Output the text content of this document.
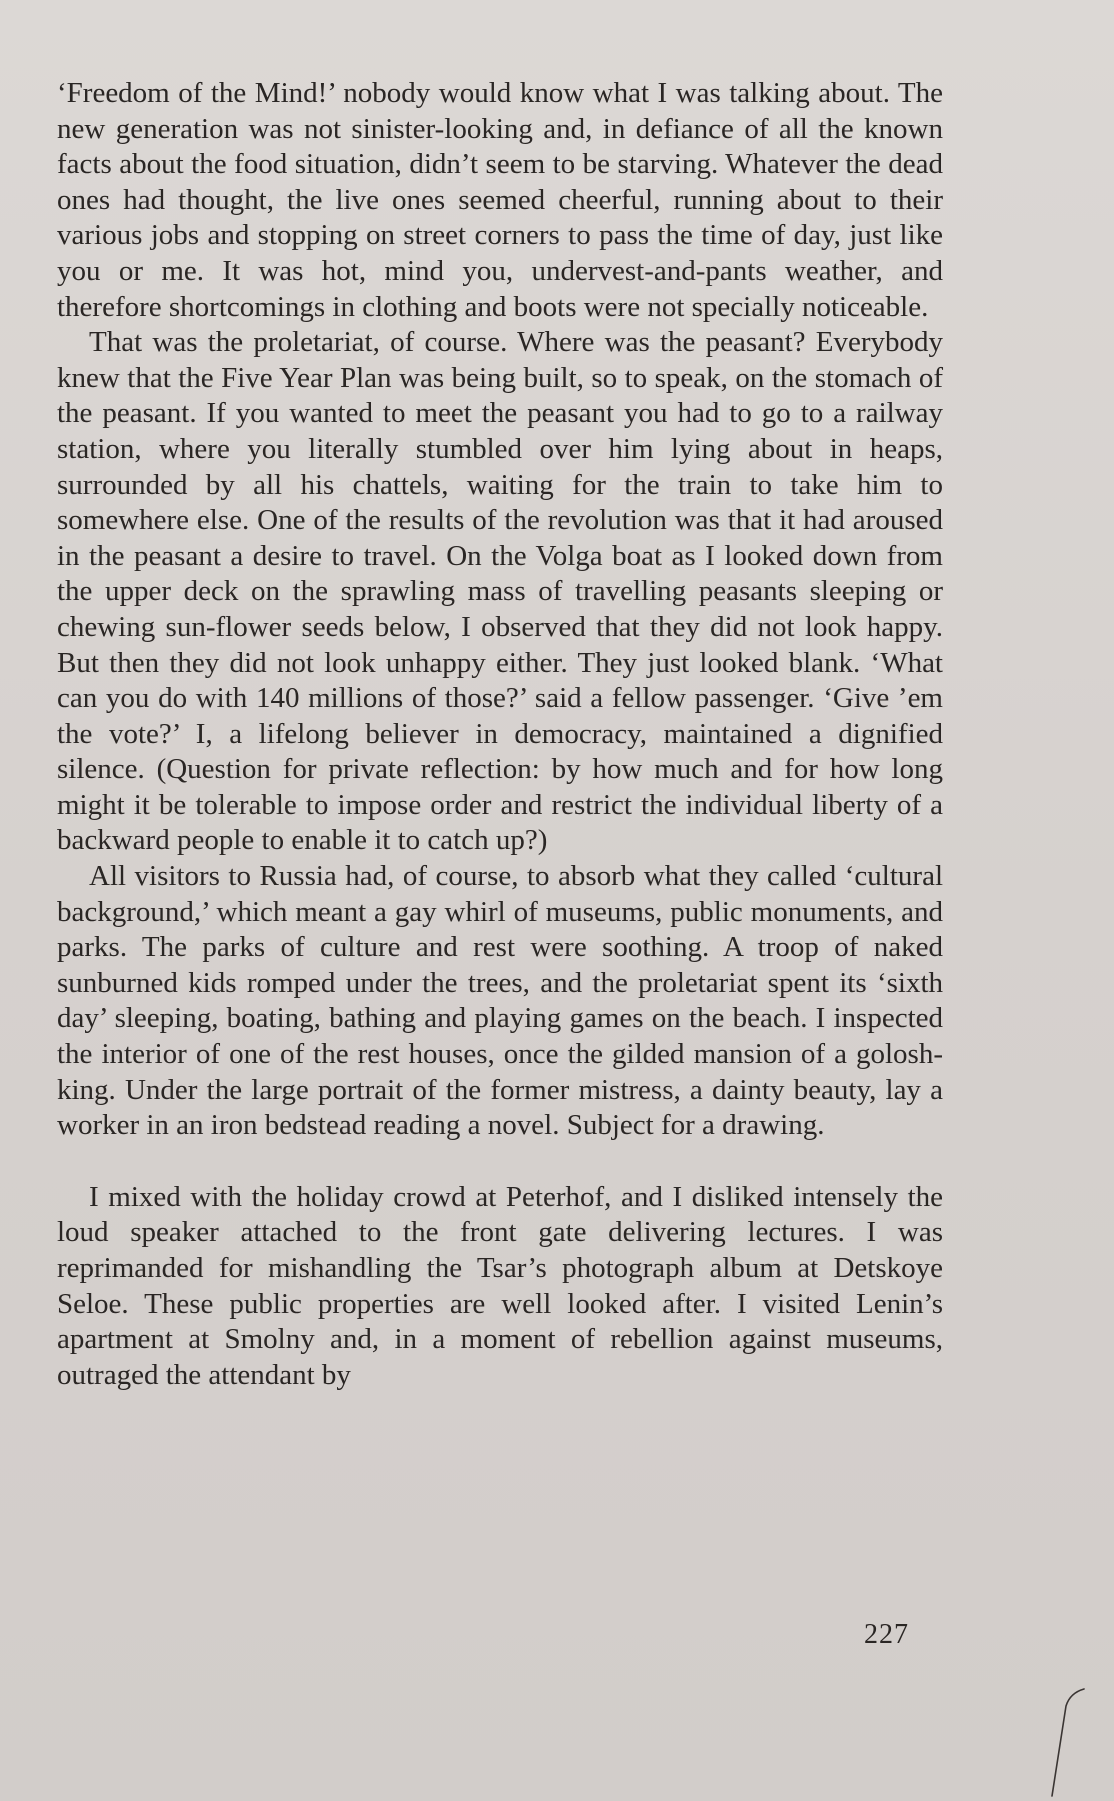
‘Freedom of the Mind!’ nobody would know what I was talking about. The new generation was not sinister-looking and, in defiance of all the known facts about the food situation, didn’t seem to be starving. Whatever the dead ones had thought, the live ones seemed cheerful, running about to their various jobs and stopping on street corners to pass the time of day, just like you or me. It was hot, mind you, undervest-and-pants weather, and therefore shortcomings in clothing and boots were not specially noticeable.

That was the proletariat, of course. Where was the peasant? Everybody knew that the Five Year Plan was being built, so to speak, on the stomach of the peasant. If you wanted to meet the peasant you had to go to a railway station, where you literally stumbled over him lying about in heaps, surrounded by all his chattels, waiting for the train to take him to somewhere else. One of the results of the revolution was that it had aroused in the peasant a desire to travel. On the Volga boat as I looked down from the upper deck on the sprawling mass of travelling peasants sleeping or chewing sun-flower seeds below, I observed that they did not look happy. But then they did not look unhappy either. They just looked blank. ‘What can you do with 140 millions of those?’ said a fellow passenger. ‘Give ’em the vote?’ I, a lifelong believer in democracy, maintained a dignified silence. (Question for private reflection: by how much and for how long might it be tolerable to impose order and restrict the individual liberty of a backward people to enable it to catch up?)

All visitors to Russia had, of course, to absorb what they called ‘cultural background,’ which meant a gay whirl of museums, public monuments, and parks. The parks of culture and rest were soothing. A troop of naked sunburned kids romped under the trees, and the proletariat spent its ‘sixth day’ sleeping, boating, bathing and playing games on the beach. I inspected the interior of one of the rest houses, once the gilded mansion of a golosh-king. Under the large portrait of the former mistress, a dainty beauty, lay a worker in an iron bedstead reading a novel. Subject for a drawing.

I mixed with the holiday crowd at Peterhof, and I disliked intensely the loud speaker attached to the front gate delivering lectures. I was reprimanded for mishandling the Tsar’s photograph album at Detskoye Seloe. These public properties are well looked after. I visited Lenin’s apartment at Smolny and, in a moment of rebellion against museums, outraged the attendant by

227
